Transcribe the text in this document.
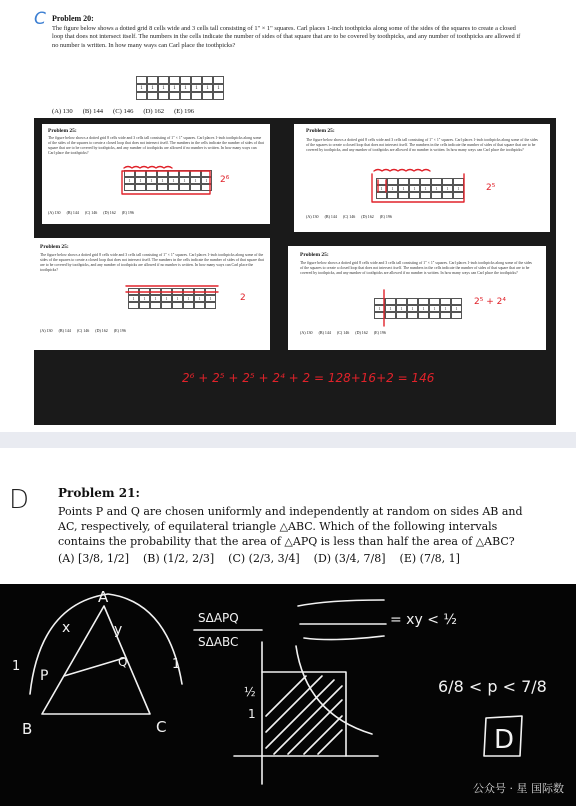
C Problem 20:
The figure below shows a dotted grid 8 cells wide and 3 cells tall consisting of 1" × 1" squares. Carl places 1-inch toothpicks along some of the sides of the squares to create a closed loop that does not intersect itself. The numbers in the cells indicate the number of sides of that square that are to be covered by toothpicks, and any number of toothpicks are allowed if no number is written. In how many ways can Carl place the toothpicks?
1	1	1	1	1	1	1	1
(A) 130 (B) 144 (C) 146 (D) 162 (E) 196
Problem 25:
The figure below shows a dotted grid 8 cells wide and 3 cells tall consisting of 1" × 1" squares. Carl places 1-inch toothpicks along some of the sides of the squares to create a closed loop that does not intersect itself. The numbers in the cells indicate the number of sides of that square that are to be covered by toothpicks, and any number of toothpicks are allowed if no number is written. In how many ways can Carl place the toothpicks?
1	1	1	1	1	1	1	1
(A) 130 (B) 144 (C) 146 (D) 162 (E) 196
2⁶
Problem 25:
The figure below shows a dotted grid 8 cells wide and 3 cells tall consisting of 1" × 1" squares. Carl places 1-inch toothpicks along some of the sides of the squares to create a closed loop that does not intersect itself. The numbers in the cells indicate the number of sides of that square that are to be covered by toothpicks, and any number of toothpicks are allowed if no number is written. In how many ways can Carl place the toothpicks?
1	1	1	1	1	1	1	1
(A) 130 (B) 144 (C) 146 (D) 162 (E) 196
2⁵
Problem 25:
The figure below shows a dotted grid 8 cells wide and 3 cells tall consisting of 1" × 1" squares. Carl places 1-inch toothpicks along some of the sides of the squares to create a closed loop that does not intersect itself. The numbers in the cells indicate the number of sides of that square that are to be covered by toothpicks, and any number of toothpicks are allowed if no number is written. In how many ways can Carl place the toothpicks?
1	1	1	1	1	1	1	1
(A) 130 (B) 144 (C) 146 (D) 162 (E) 196
2
Problem 25:
The figure below shows a dotted grid 8 cells wide and 3 cells tall consisting of 1" × 1" squares. Carl places 1-inch toothpicks along some of the sides of the squares to create a closed loop that does not intersect itself. The numbers in the cells indicate the number of sides of that square that are to be covered by toothpicks, and any number of toothpicks are allowed if no number is written. In how many ways can Carl place the toothpicks?
1	1	1	1	1	1	1	1
(A) 130 (B) 144 (C) 146 (D) 162 (E) 196
2⁵ + 2⁴
2⁶ + 2⁵ + 2⁵ + 2⁴ + 2 = 128+16+2 = 146
D Problem 21:
Points P and Q are chosen uniformly and independently at random on sides AB and AC, respectively, of equilateral triangle △ABC. Which of the following intervals contains the probability that the area of △APQ is less than half the area of △ABC?
(A) [3/8, 1/2] (B) (1/2, 2/3] (C) (2/3, 3/4] (D) (3/4, 7/8] (E) (7/8, 1]
A
B	C
P
Q
x	y
1	1
SΔAPQ
SΔABC
= xy < ½
½
1
6/8 < p < 7/8
D
公众号 · 星 国际数
